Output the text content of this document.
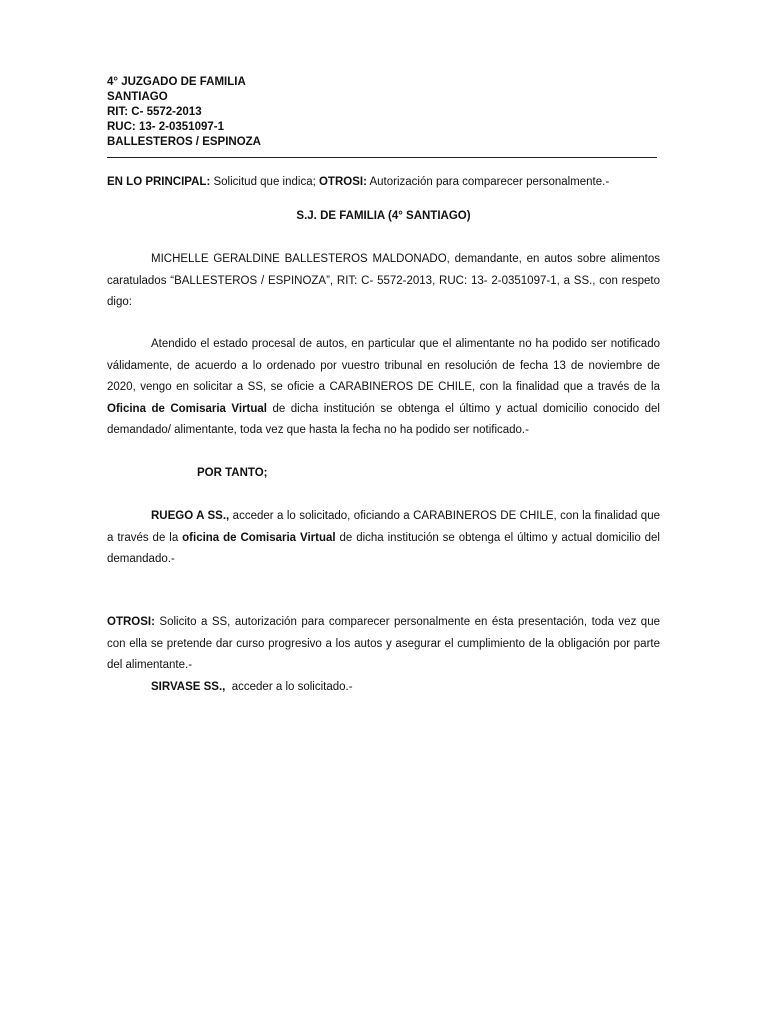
4° JUZGADO DE FAMILIA
SANTIAGO
RIT: C- 5572-2013
RUC: 13- 2-0351097-1
BALLESTEROS / ESPINOZA
EN LO PRINCIPAL: Solicitud que indica; OTROSI: Autorización para comparecer personalmente.-
S.J. DE FAMILIA (4° SANTIAGO)
MICHELLE GERALDINE BALLESTEROS MALDONADO, demandante, en autos sobre alimentos caratulados “BALLESTEROS / ESPINOZA”, RIT: C- 5572-2013, RUC: 13- 2-0351097-1, a SS., con respeto digo:
Atendido el estado procesal de autos, en particular que el alimentante no ha podido ser notificado válidamente, de acuerdo a lo ordenado por vuestro tribunal en resolución de fecha 13 de noviembre de 2020, vengo en solicitar a SS, se oficie a CARABINEROS DE CHILE, con la finalidad que a través de la Oficina de Comisaria Virtual de dicha institución se obtenga el último y actual domicilio conocido del demandado/ alimentante, toda vez que hasta la fecha no ha podido ser notificado.-
POR TANTO;
RUEGO A SS., acceder a lo solicitado, oficiando a CARABINEROS DE CHILE, con la finalidad que a través de la oficina de Comisaria Virtual de dicha institución se obtenga el último y actual domicilio del demandado.-
OTROSI: Solicito a SS, autorización para comparecer personalmente en ésta presentación, toda vez que con ella se pretende dar curso progresivo a los autos y asegurar el cumplimiento de la obligación por parte del alimentante.-
SIRVASE SS.,  acceder a lo solicitado.-
